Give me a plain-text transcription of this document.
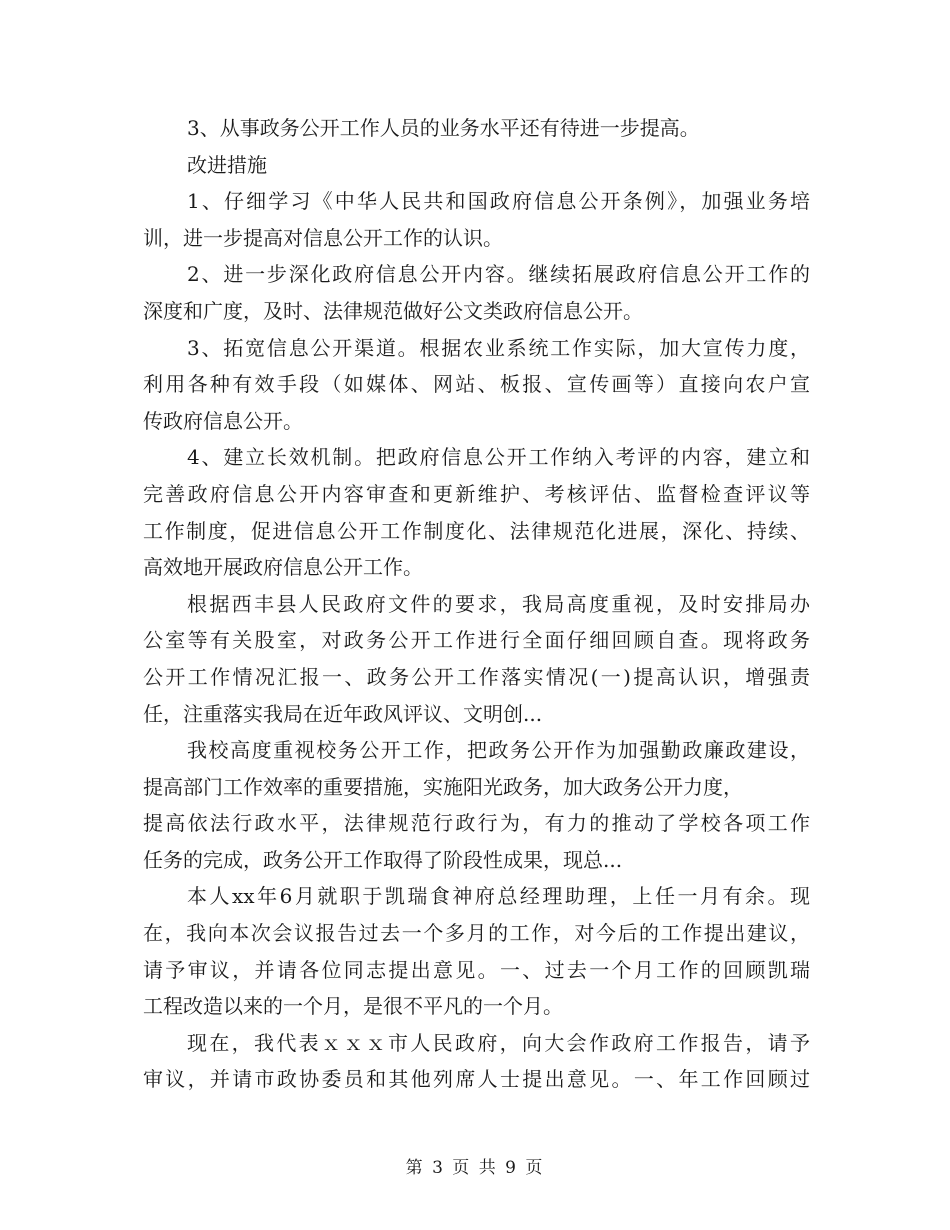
3、从事政务公开工作人员的业务水平还有待进一步提高。
改进措施
1、仔细学习《中华人民共和国政府信息公开条例》，加强业务培
训，进一步提高对信息公开工作的认识。
2、进一步深化政府信息公开内容。继续拓展政府信息公开工作的
深度和广度，及时、法律规范做好公文类政府信息公开。
3、拓宽信息公开渠道。根据农业系统工作实际，加大宣传力度，
利用各种有效手段（如媒体、网站、板报、宣传画等）直接向农户宣
传政府信息公开。
4、建立长效机制。把政府信息公开工作纳入考评的内容，建立和
完善政府信息公开内容审查和更新维护、考核评估、监督检查评议等
工作制度，促进信息公开工作制度化、法律规范化进展，深化、持续、
高效地开展政府信息公开工作。
根据西丰县人民政府文件的要求，我局高度重视，及时安排局办
公室等有关股室，对政务公开工作进行全面仔细回顾自查。现将政务
公开工作情况汇报一、政务公开工作落实情况(一)提高认识，增强责
任，注重落实我局在近年政风评议、文明创...
我校高度重视校务公开工作，把政务公开作为加强勤政廉政建设，
提高部门工作效率的重要措施，实施阳光政务，加大政务公开力度，
提高依法行政水平，法律规范行政行为，有力的推动了学校各项工作
任务的完成，政务公开工作取得了阶段性成果，现总...
本人xx年6月就职于凯瑞食神府总经理助理，上任一月有余。现
在，我向本次会议报告过去一个多月的工作，对今后的工作提出建议，
请予审议，并请各位同志提出意见。一、过去一个月工作的回顾凯瑞
工程改造以来的一个月，是很不平凡的一个月。
现在，我代表ｘｘｘ市人民政府，向大会作政府工作报告，请予
审议，并请市政协委员和其他列席人士提出意见。一、年工作回顾过
第 3 页 共 9 页
